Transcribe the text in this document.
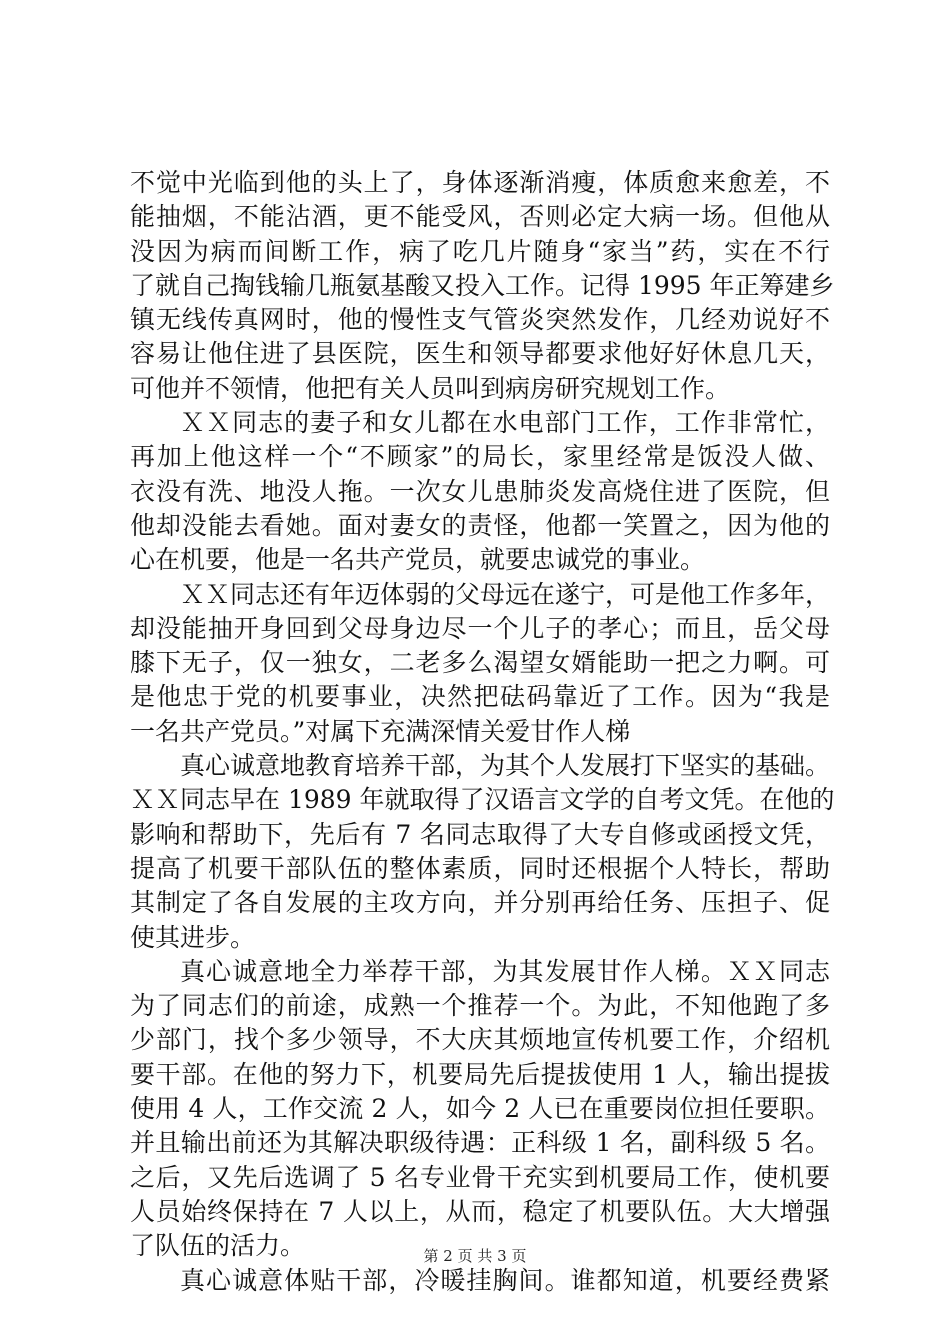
不觉中光临到他的头上了，身体逐渐消瘦，体质愈来愈差，不
能抽烟，不能沾酒，更不能受风，否则必定大病一场。但他从
没因为病而间断工作，病了吃几片随身“家当”药，实在不行
了就自己掏钱输几瓶氨基酸又投入工作。记得 1995 年正筹建乡
镇无线传真网时，他的慢性支气管炎突然发作，几经劝说好不
容易让他住进了县医院，医生和领导都要求他好好休息几天，
可他并不领情，他把有关人员叫到病房研究规划工作。
ＸＸ同志的妻子和女儿都在水电部门工作，工作非常忙，
再加上他这样一个“不顾家”的局长，家里经常是饭没人做、
衣没有洗、地没人拖。一次女儿患肺炎发高烧住进了医院，但
他却没能去看她。面对妻女的责怪，他都一笑置之，因为他的
心在机要，他是一名共产党员，就要忠诚党的事业。
ＸＸ同志还有年迈体弱的父母远在遂宁，可是他工作多年，
却没能抽开身回到父母身边尽一个儿子的孝心；而且，岳父母
膝下无子，仅一独女，二老多么渴望女婿能助一把之力啊。可
是他忠于党的机要事业，决然把砝码靠近了工作。因为“我是
一名共产党员。”对属下充满深情关爱甘作人梯
真心诚意地教育培养干部，为其个人发展打下坚实的基础。
ＸＸ同志早在 1989 年就取得了汉语言文学的自考文凭。在他的
影响和帮助下，先后有 7 名同志取得了大专自修或函授文凭，
提高了机要干部队伍的整体素质，同时还根据个人特长，帮助
其制定了各自发展的主攻方向，并分别再给任务、压担子、促
使其进步。
真心诚意地全力举荐干部，为其发展甘作人梯。ＸＸ同志
为了同志们的前途，成熟一个推荐一个。为此，不知他跑了多
少部门，找个多少领导，不大庆其烦地宣传机要工作，介绍机
要干部。在他的努力下，机要局先后提拔使用 1 人，输出提拔
使用 4 人，工作交流 2 人，如今 2 人已在重要岗位担任要职。
并且输出前还为其解决职级待遇：正科级 1 名，副科级 5 名。
之后，又先后选调了 5 名专业骨干充实到机要局工作，使机要
人员始终保持在 7 人以上，从而，稳定了机要队伍。大大增强
了队伍的活力。
真心诚意体贴干部，冷暖挂胸间。谁都知道，机要经费紧
第 2 页 共 3 页
